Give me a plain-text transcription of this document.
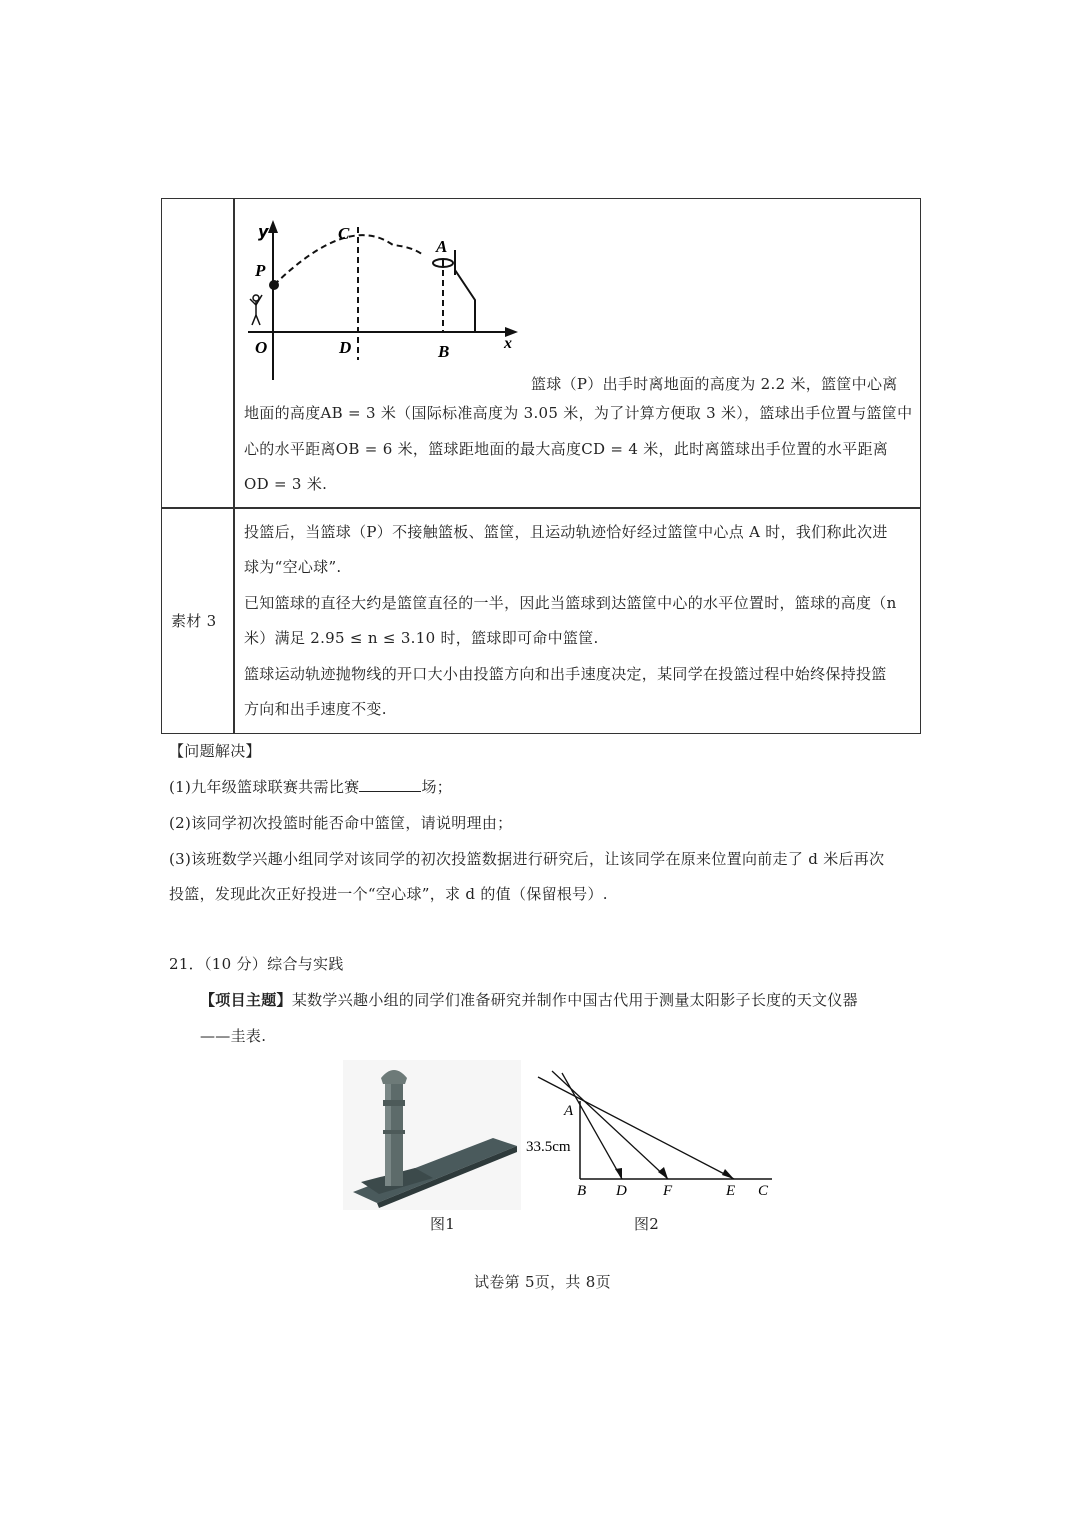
y	C
A
P
O	D	B	x
篮球（P）出手时离地面的高度为 2.2 米，篮筐中心离
地面的高度AB = 3 米（国际标准高度为 3.05 米，为了计算方便取 3 米），篮球出手位置与篮筐中
心的水平距离OB = 6 米，篮球距地面的最大高度CD = 4 米，此时离篮球出手位置的水平距离
OD = 3 米.
素材 3
投篮后，当篮球（P）不接触篮板、篮筐，且运动轨迹恰好经过篮筐中心点 A 时，我们称此次进
球为“空心球”.
已知篮球的直径大约是篮筐直径的一半，因此当篮球到达篮筐中心的水平位置时，篮球的高度（n
米）满足 2.95 ≤ n ≤ 3.10 时，篮球即可命中篮筐.
篮球运动轨迹抛物线的开口大小由投篮方向和出手速度决定，某同学在投篮过程中始终保持投篮
方向和出手速度不变.
【问题解决】
(1)九年级篮球联赛共需比赛	场；
(2)该同学初次投篮时能否命中篮筐，请说明理由；
(3)该班数学兴趣小组同学对该同学的初次投篮数据进行研究后，让该同学在原来位置向前走了 d 米后再次
投篮，发现此次正好投进一个“空心球”，求 d 的值（保留根号）.
21．（10 分）综合与实践
【项目主题】某数学兴趣小组的同学们准备研究并制作中国古代用于测量太阳影子长度的天文仪器
——圭表.
图1
A
33.5cm
B D F	E C
图2
试卷第 5页，共 8页
